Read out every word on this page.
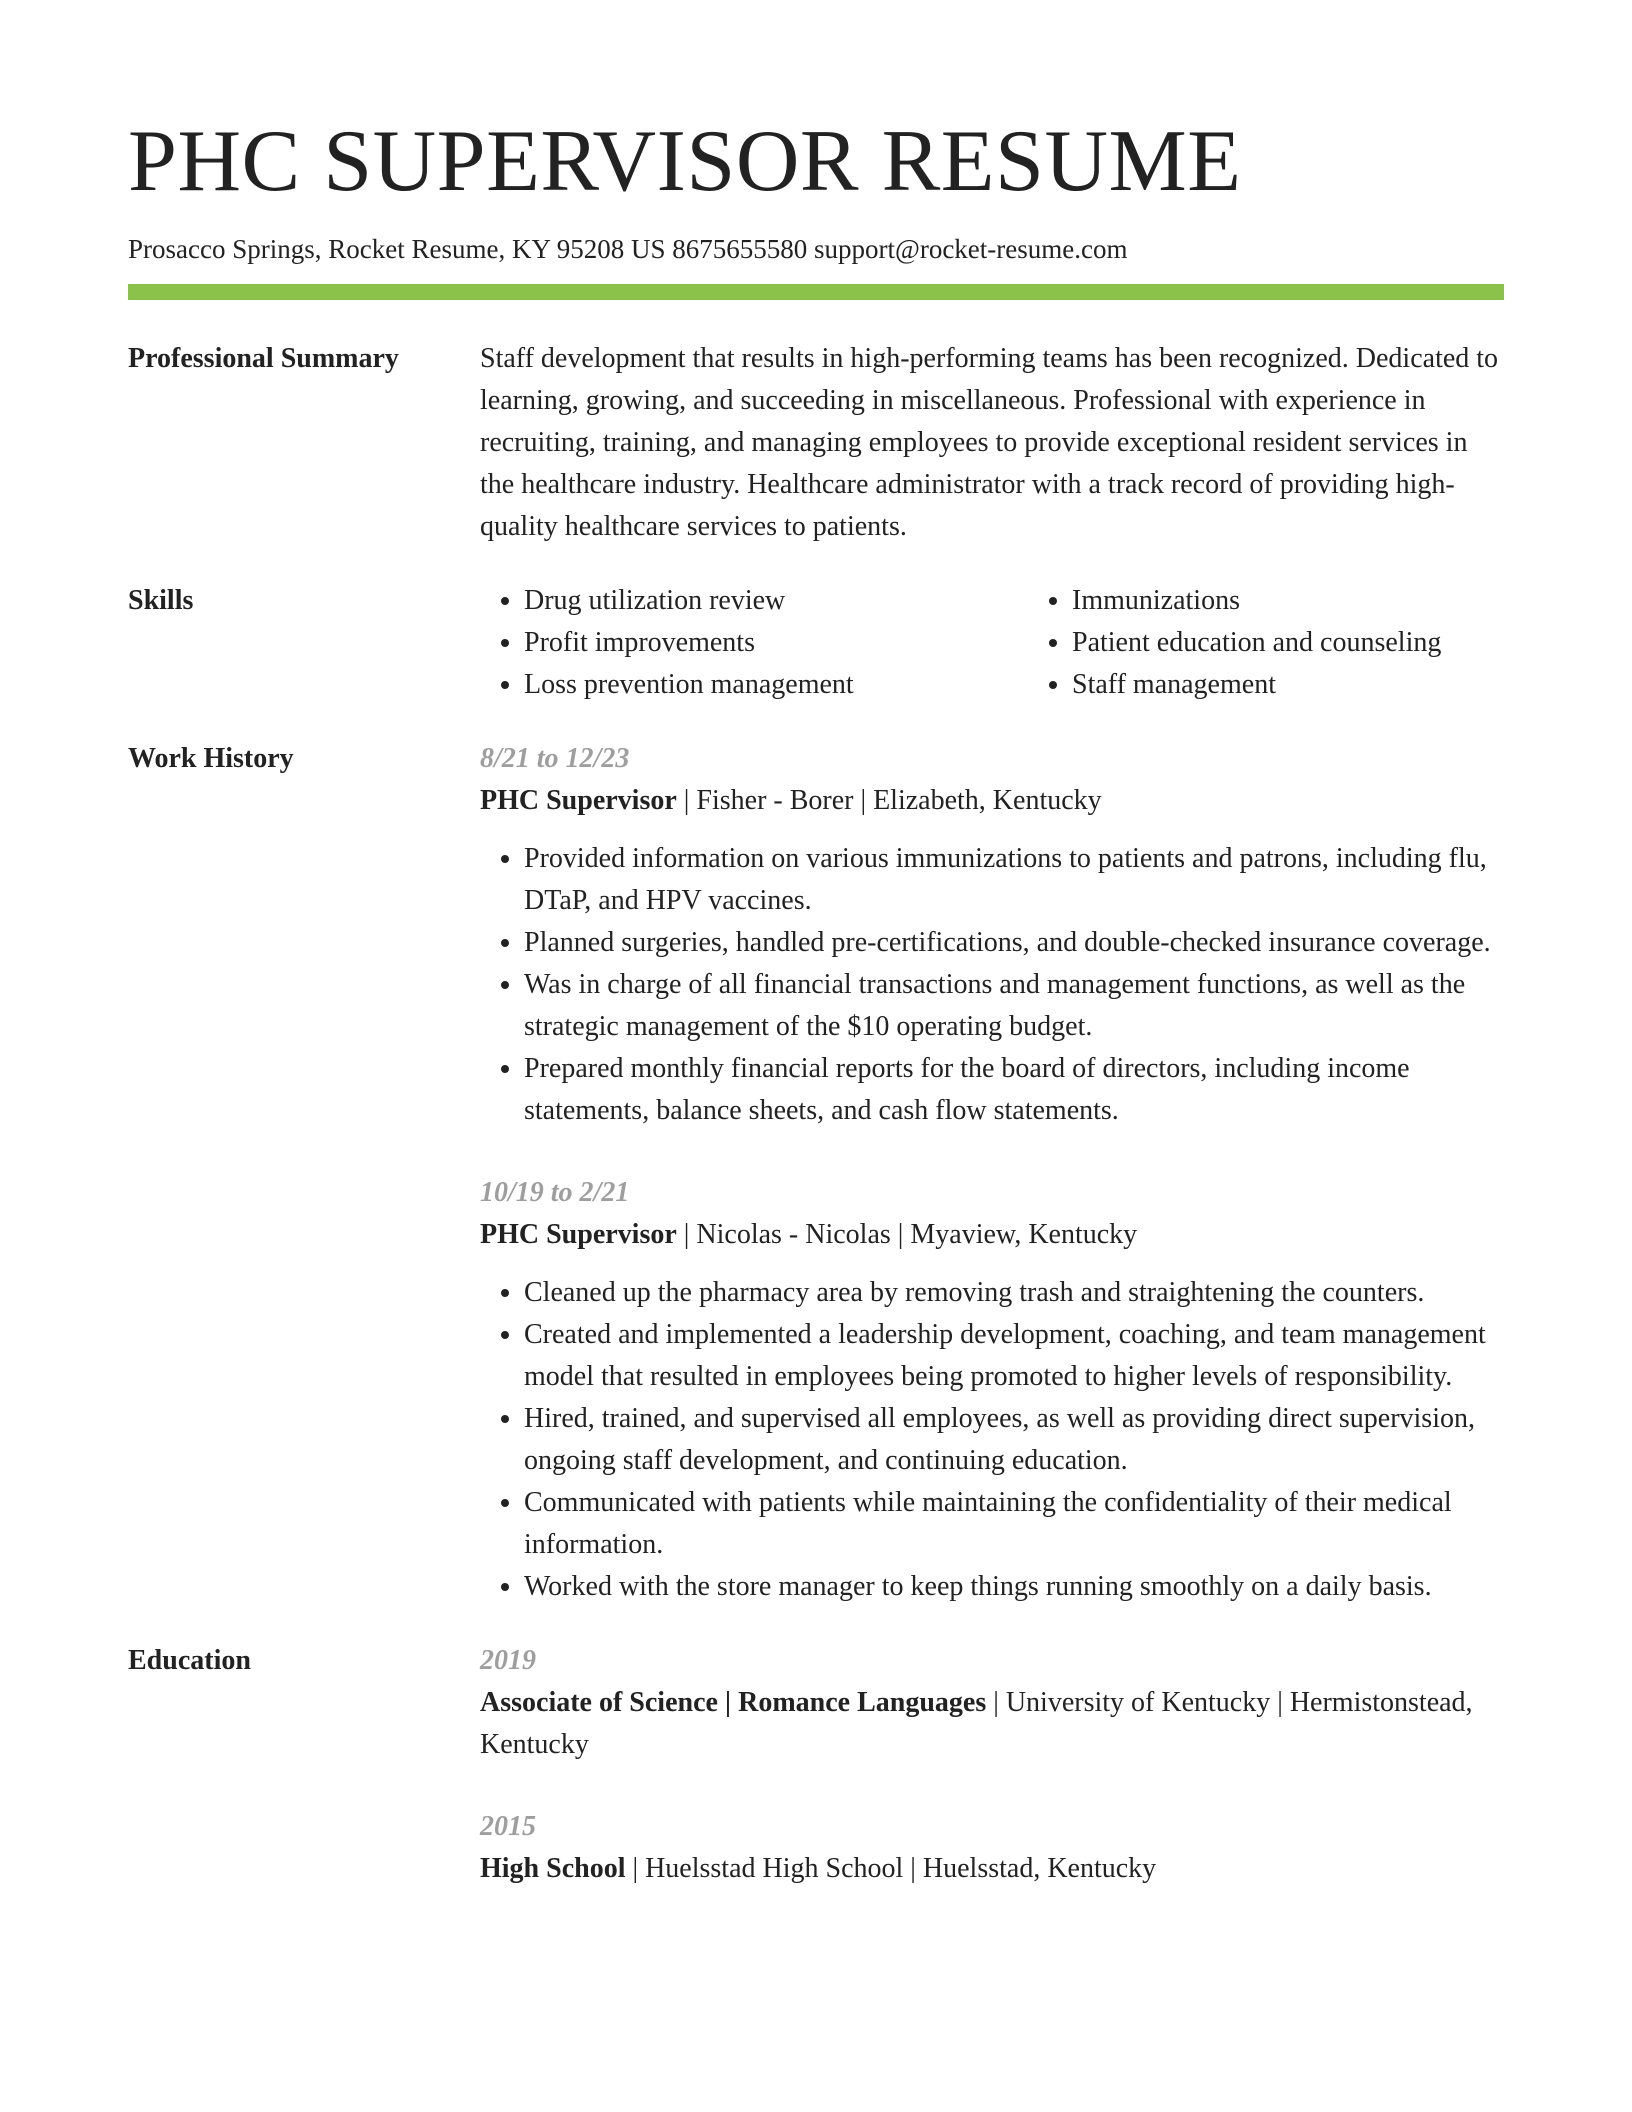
PHC SUPERVISOR RESUME
Prosacco Springs, Rocket Resume, KY 95208 US 8675655580 support@rocket-resume.com
Professional Summary	Staff development that results in high-performing teams has been recognized. Dedicated to learning, growing, and succeeding in miscellaneous. Professional with experience in recruiting, training, and managing employees to provide exceptional resident services in the healthcare industry. Healthcare administrator with a track record of providing high-quality healthcare services to patients.

Skills
•	Drug utilization review
• Profit improvements
• Loss prevention management
• Immunizations
• Patient education and counseling
• Staff management
Work History	8/21 to 12/23
PHC Supervisor | Fisher - Borer | Elizabeth, Kentucky
• Provided information on various immunizations to patients and patrons, including flu, DTaP, and HPV vaccines.
• Planned surgeries, handled pre-certifications, and double-checked insurance coverage.
• Was in charge of all financial transactions and management functions, as well as the strategic management of the $10 operating budget.
• Prepared monthly financial reports for the board of directors, including income statements, balance sheets, and cash flow statements.
10/19 to 2/21
PHC Supervisor | Nicolas - Nicolas | Myaview, Kentucky
• Cleaned up the pharmacy area by removing trash and straightening the counters.
• Created and implemented a leadership development, coaching, and team management model that resulted in employees being promoted to higher levels of responsibility.
• Hired, trained, and supervised all employees, as well as providing direct supervision, ongoing staff development, and continuing education.
• Communicated with patients while maintaining the confidentiality of their medical information.
• Worked with the store manager to keep things running smoothly on a daily basis.
Education	2019
Associate of Science | Romance Languages | University of Kentucky | Hermistonstead, Kentucky
2015
High School | Huelsstad High School | Huelsstad, Kentucky
